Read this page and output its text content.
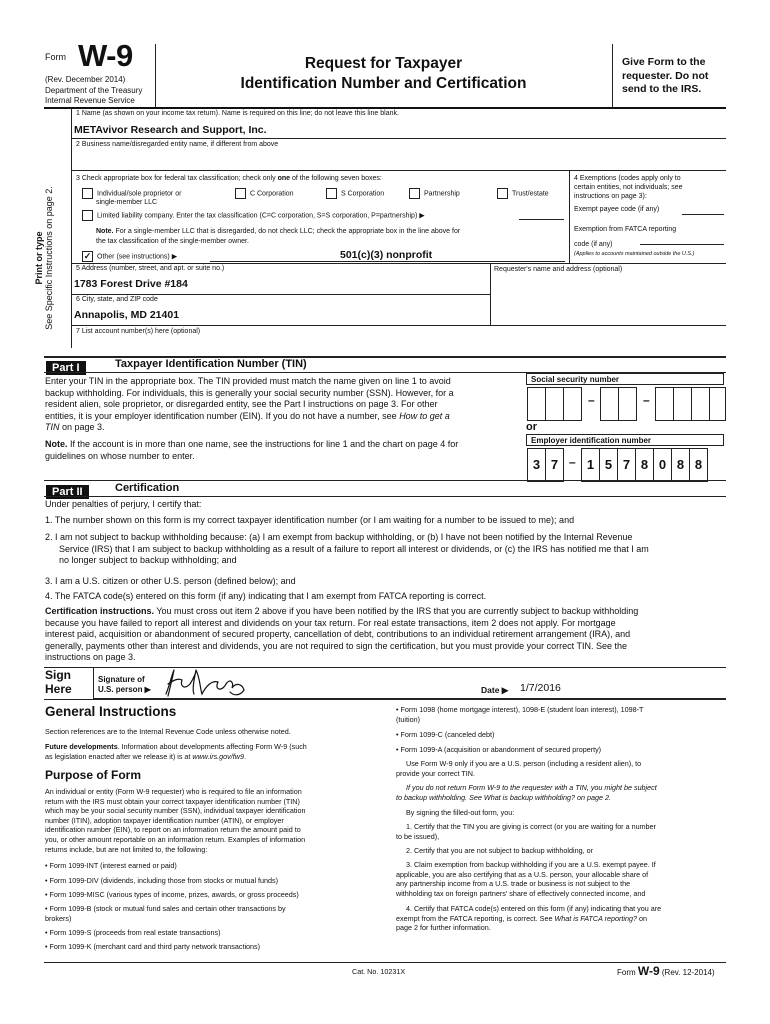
Form W-9
(Rev. December 2014)
Department of the Treasury
Internal Revenue Service
Request for Taxpayer
Identification Number and Certification
Give Form to the
requester. Do not
send to the IRS.
Print or type See Specific Instructions on page 2.
1 Name (as shown on your income tax return). Name is required on this line; do not leave this line blank.
METAvivor Research and Support, Inc.
2 Business name/disregarded entity name, if different from above
3 Check appropriate box for federal tax classification; check only one of the following seven boxes:
Individual/sole proprietor or
single-member LLC
C Corporation	S Corporation	Partnership	Trust/estate
Limited liability company. Enter the tax classification (C=C corporation, S=S corporation, P=partnership) ▶
Note. For a single-member LLC that is disregarded, do not check LLC; check the appropriate box in the line above for
the tax classification of the single-member owner.
✓ Other (see instructions) ▶	501(c)(3) nonprofit
4 Exemptions (codes apply only to
certain entities, not individuals; see
instructions on page 3):
Exempt payee code (if any)
Exemption from FATCA reporting
code (if any)
(Applies to accounts maintained outside the U.S.)
5 Address (number, street, and apt. or suite no.)
1783 Forest Drive #184
Requester's name and address (optional)
6 City, state, and ZIP code
Annapolis, MD 21401
7 List account number(s) here (optional)
Part I	Taxpayer Identification Number (TIN)
Enter your TIN in the appropriate box. The TIN provided must match the name given on line 1 to avoid
backup withholding. For individuals, this is generally your social security number (SSN). However, for a
resident alien, sole proprietor, or disregarded entity, see the Part I instructions on page 3. For other
entities, it is your employer identification number (EIN). If you do not have a number, see How to get a
TIN on page 3.
Note. If the account is in more than one name, see the instructions for line 1 and the chart on page 4 for
guidelines on whose number to enter.
Social security number
–	–
or
Employer identification number
3 7 – 1 5 7 8 0 8 8
Part II	Certification
Under penalties of perjury, I certify that:
1. The number shown on this form is my correct taxpayer identification number (or I am waiting for a number to be issued to me); and
2. I am not subject to backup withholding because: (a) I am exempt from backup withholding, or (b) I have not been notified by the Internal Revenue
Service (IRS) that I am subject to backup withholding as a result of a failure to report all interest or dividends, or (c) the IRS has notified me that I am
no longer subject to backup withholding; and
3. I am a U.S. citizen or other U.S. person (defined below); and
4. The FATCA code(s) entered on this form (if any) indicating that I am exempt from FATCA reporting is correct.
Certification instructions. You must cross out item 2 above if you have been notified by the IRS that you are currently subject to backup withholding
because you have failed to report all interest and dividends on your tax return. For real estate transactions, item 2 does not apply. For mortgage
interest paid, acquisition or abandonment of secured property, cancellation of debt, contributions to an individual retirement arrangement (IRA), and
generally, payments other than interest and dividends, you are not required to sign the certification, but you must provide your correct TIN. See the
instructions on page 3.
Sign
Here
Signature of
U.S. person ▶	Date ▶ 1/7/2016
General Instructions
Section references are to the Internal Revenue Code unless otherwise noted.
Future developments. Information about developments affecting Form W-9 (such
as legislation enacted after we release it) is at www.irs.gov/fw9.
Purpose of Form
An individual or entity (Form W-9 requester) who is required to file an information
return with the IRS must obtain your correct taxpayer identification number (TIN)
which may be your social security number (SSN), individual taxpayer identification
number (ITIN), adoption taxpayer identification number (ATIN), or employer
identification number (EIN), to report on an information return the amount paid to
you, or other amount reportable on an information return. Examples of information
returns include, but are not limited to, the following:
• Form 1099-INT (interest earned or paid)
• Form 1099-DIV (dividends, including those from stocks or mutual funds)
• Form 1099-MISC (various types of income, prizes, awards, or gross proceeds)
• Form 1099-B (stock or mutual fund sales and certain other transactions by
brokers)
• Form 1099-S (proceeds from real estate transactions)
• Form 1099-K (merchant card and third party network transactions)
• Form 1098 (home mortgage interest), 1098-E (student loan interest), 1098-T
(tuition)
• Form 1099-C (canceled debt)
• Form 1099-A (acquisition or abandonment of secured property)
Use Form W-9 only if you are a U.S. person (including a resident alien), to
provide your correct TIN.
If you do not return Form W-9 to the requester with a TIN, you might be subject
to backup withholding. See What is backup withholding? on page 2.
By signing the filled-out form, you:
1. Certify that the TIN you are giving is correct (or you are waiting for a number
to be issued),
2. Certify that you are not subject to backup withholding, or
3. Claim exemption from backup withholding if you are a U.S. exempt payee. If
applicable, you are also certifying that as a U.S. person, your allocable share of
any partnership income from a U.S. trade or business is not subject to the
withholding tax on foreign partners' share of effectively connected income, and
4. Certify that FATCA code(s) entered on this form (if any) indicating that you are
exempt from the FATCA reporting, is correct. See What is FATCA reporting? on
page 2 for further information.
Cat. No. 10231X	Form W-9 (Rev. 12-2014)
